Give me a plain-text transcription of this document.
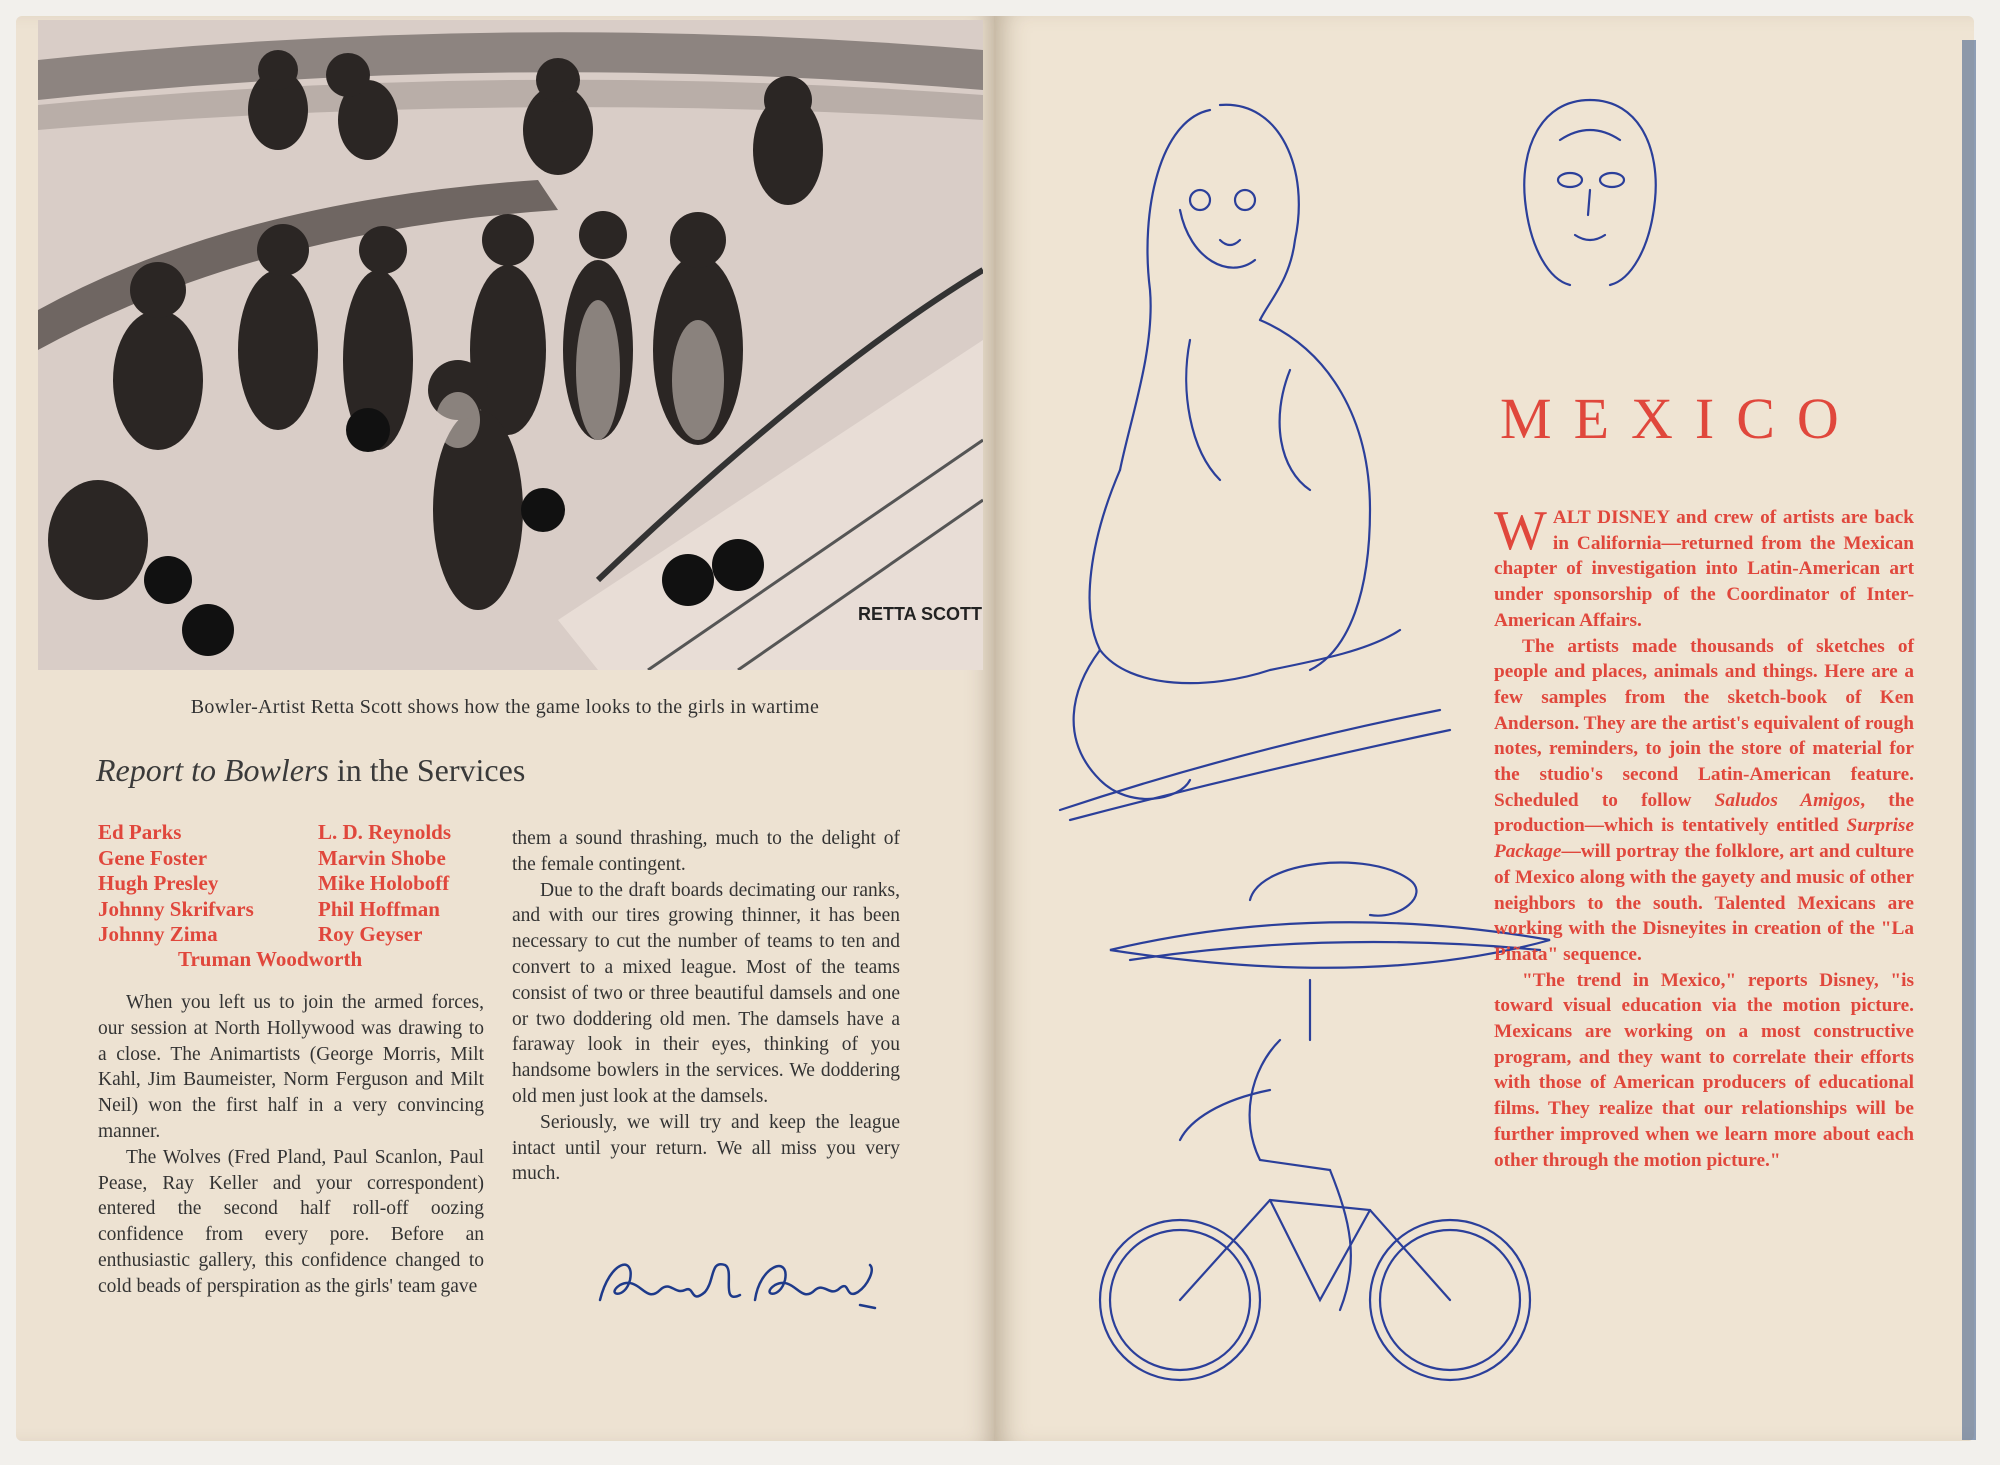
RETTA SCOTT
Bowler-Artist Retta Scott shows how the game looks to the girls in wartime
Report to Bowlers in the Services
Ed Parks
Gene Foster
Hugh Presley
Johnny Skrifvars
Johnny Zima
L. D. Reynolds
Marvin Shobe
Mike Holoboff
Phil Hoffman
Roy Geyser
Truman Woodworth

When you left us to join the armed forces, our session at North Hollywood was drawing to a close. The Animartists (George Morris, Milt Kahl, Jim Baumeister, Norm Ferguson and Milt Neil) won the first half in a very convincing manner.

The Wolves (Fred Pland, Paul Scanlon, Paul Pease, Ray Keller and your correspondent) entered the second half roll-off oozing confidence from every pore. Before an enthusiastic gallery, this confidence changed to cold beads of perspiration as the girls' team gave

them a sound thrashing, much to the delight of the female contingent.

Due to the draft boards decimating our ranks, and with our tires growing thinner, it has been necessary to cut the number of teams to ten and convert to a mixed league. Most of the teams consist of two or three beautiful damsels and one or two doddering old men. The damsels have a faraway look in their eyes, thinking of you handsome bowlers in the services. We doddering old men just look at the damsels.

Seriously, we will try and keep the league intact until your return. We all miss you very much.

MEXICO

WALT DISNEY and crew of artists are back in California—returned from the Mexican chapter of investigation into Latin-American art under sponsorship of the Coordinator of Inter-American Affairs.

The artists made thousands of sketches of people and places, animals and things. Here are a few samples from the sketch-book of Ken Anderson. They are the artist's equivalent of rough notes, reminders, to join the store of material for the studio's second Latin-American feature. Scheduled to follow Saludos Amigos, the production—which is tentatively entitled Surprise Package—will portray the folklore, art and culture of Mexico along with the gayety and music of other neighbors to the south. Talented Mexicans are working with the Disneyites in creation of the "La Piñata" sequence.

"The trend in Mexico," reports Disney, "is toward visual education via the motion picture. Mexicans are working on a most constructive program, and they want to correlate their efforts with those of American producers of educational films. They realize that our relationships will be further improved when we learn more about each other through the motion picture."
